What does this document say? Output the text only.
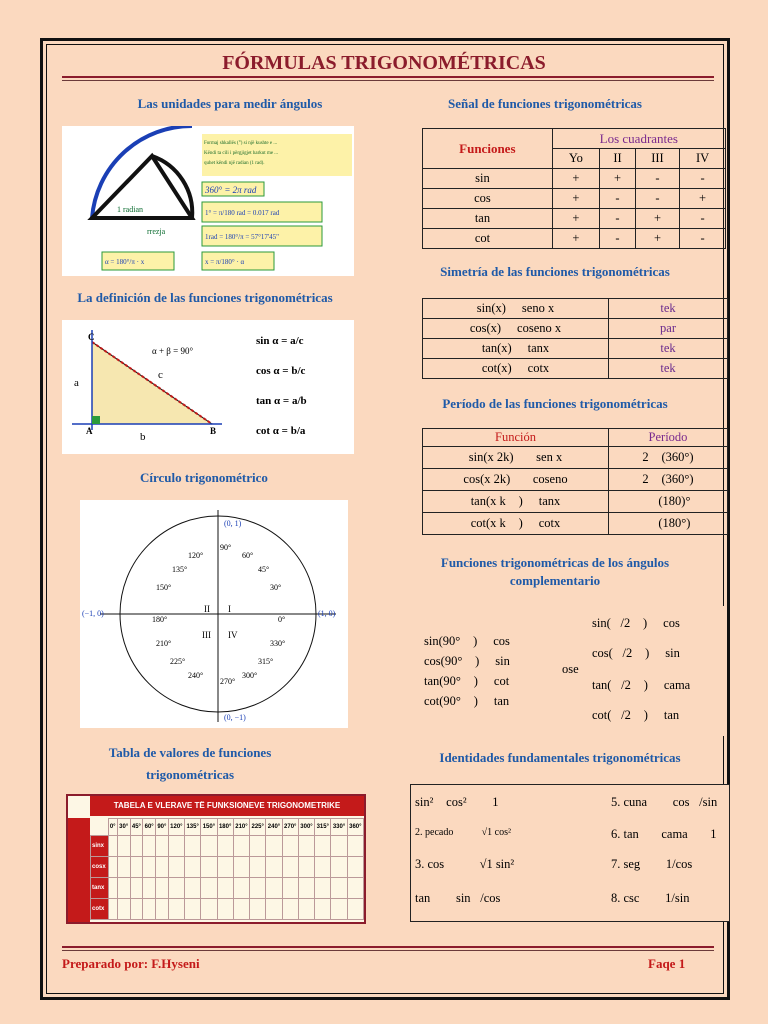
FÓRMULAS TRIGONOMÉTRICAS
Las unidades para medir ángulos
1 radian
rrezja
Formaj shkallës (°) si një kushte e ...
Këndi ta cili i përgjigjet harkut me ...
quhet këndi një radian (1 rad).
360° = 2π rad
1° = π/180 rad = 0.017 rad
1rad = 180°/π = 57°17'45"
α = 180°/π · x	x = π/180° · α
La definición de las funciones trigonométricas
C
A	B
a
b
c
α + β = 90°
sin α = a/c
cos α = b/c
tan α = a/b
cot α = b/a
Círculo trigonométrico
II I
III IV
(0, 1)
(1, 0)
(−1, 0)
(0, −1)
0°
30°
45°
60°
90°
120°
135°
150°
180°
210°
225°
240°
270°
300°
315°
330°
Tabla de valores de funciones trigonométricas
TABELA E VLERAVE TË FUNKSIONEVE TRIGONOMETRIKE
	0°	30°	45°	60°	90°	120°	135°	150°	180°	210°	225°	240°	270°	300°	315°	330°	360°
sinx																	
cosx																	
tanx																	
cotx																	
Señal de funciones trigonométricas
Funciones	Los cuadrantes			
	Yo	II	III	IV
sin 	+	+	-	-
cos 	+	-	-	+
tan 	+	-	+	-
cot 	+	-	+	-
Simetría de las funciones trigonométricas
sin(x)   seno x	tek
cos(x)   coseno x	par
tan(x)   tanx	tek
cot(x)   cotx	tek
Período de las funciones trigonométricas
Función	Período
sin(x 2k)   sen x	2  (360°)
cos(x 2k)   coseno	2  (360°)
tan(x k  )   tanx	  (180)°
cot(x k  )   cotx	  (180°)
Funciones trigonométricas de los ángulos complementario
sin(90°  )   cos 
cos(90°  )   sin 
tan(90°  )   cot 
cot(90°  )   tan 
ose
sin( /2  )   cos 
cos( /2  )   sin 
tan( /2  )   cama
cot( /2  )   tan 
Identidades fundamentales trigonométricas
sin²  cos²    1	5. cuna    cos /sin 
2. pecado     √1 cos² 	6. tan   cama   1
3. cos     √1 sin² 	7. seg    1/cos 
tan    sin /cos 	8. csc    1/sin 
Preparado por: F.Hyseni	Faqe 1
